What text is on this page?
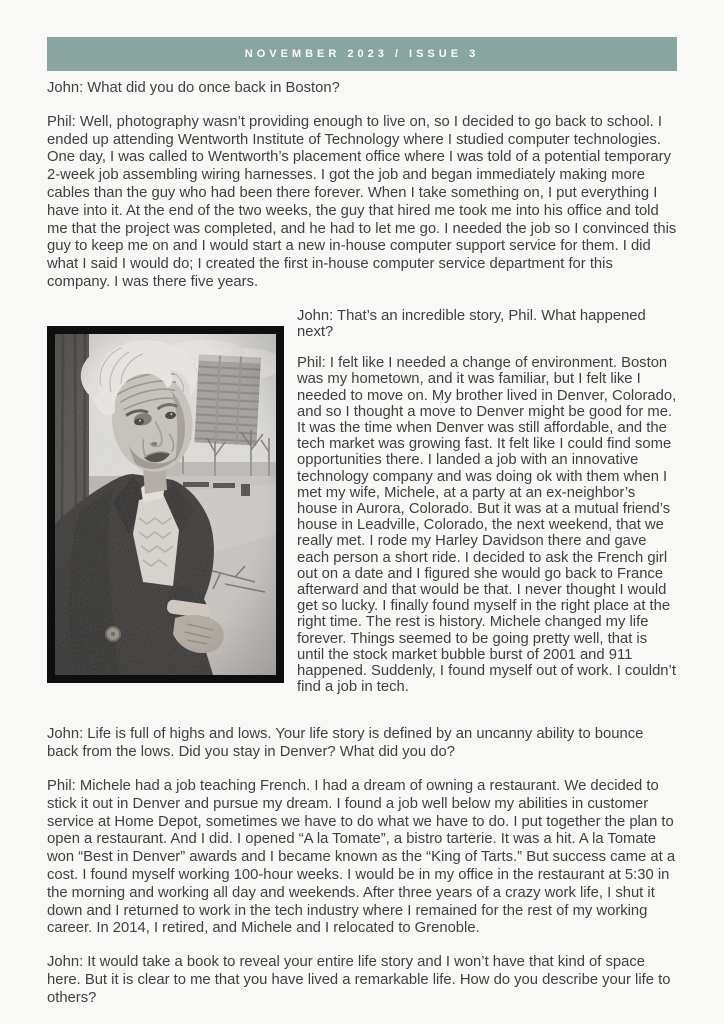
NOVEMBER 2023 / ISSUE 3

John: What did you do once back in Boston?

Phil: Well, photography wasn’t providing enough to live on, so I decided to go back to school. I ended up attending Wentworth Institute of Technology where I studied computer technologies. One day, I was called to Wentworth’s placement office where I was told of a potential temporary 2-week job assembling wiring harnesses. I got the job and began immediately making more cables than the guy who had been there forever. When I take something on, I put everything I have into it. At the end of the two weeks, the guy that hired me took me into his office and told me that the project was completed, and he had to let me go. I needed the job so I convinced this guy to keep me on and I would start a new in-house computer support service for them. I did what I said I would do; I created the first in-house computer service department for this company. I was there five years.

John: That’s an incredible story, Phil. What happened next?

Phil: I felt like I needed a change of environment. Boston was my hometown, and it was familiar, but I felt like I needed to move on. My brother lived in Denver, Colorado, and so I thought a move to Denver might be good for me. It was the time when Denver was still affordable, and the tech market was growing fast. It felt like I could find some opportunities there. I landed a job with an innovative technology company and was doing ok with them when I met my wife, Michele, at a party at an ex-neighbor’s house in Aurora, Colorado. But it was at a mutual friend’s house in Leadville, Colorado, the next weekend, that we really met. I rode my Harley Davidson there and gave each person a short ride. I decided to ask the French girl out on a date and I figured she would go back to France afterward and that would be that. I never thought I would get so lucky. I finally found myself in the right place at the right time. The rest is history. Michele changed my life forever. Things seemed to be going pretty well, that is until the stock market bubble burst of 2001 and 911 happened. Suddenly, I found myself out of work. I couldn’t find a job in tech.

John: Life is full of highs and lows. Your life story is defined by an uncanny ability to bounce back from the lows. Did you stay in Denver? What did you do?

Phil: Michele had a job teaching French. I had a dream of owning a restaurant. We decided to stick it out in Denver and pursue my dream. I found a job well below my abilities in customer service at Home Depot, sometimes we have to do what we have to do. I put together the plan to open a restaurant. And I did. I opened “A la Tomate”, a bistro tarterie. It was a hit. A la Tomate won “Best in Denver” awards and I became known as the “King of Tarts.” But success came at a cost. I found myself working 100-hour weeks. I would be in my office in the restaurant at 5:30 in the morning and working all day and weekends. After three years of a crazy work life, I shut it down and I returned to work in the tech industry where I remained for the rest of my working career. In 2014, I retired, and Michele and I relocated to Grenoble.

John: It would take a book to reveal your entire life story and I won’t have that kind of space here. But it is clear to me that you have lived a remarkable life. How do you describe your life to others?
